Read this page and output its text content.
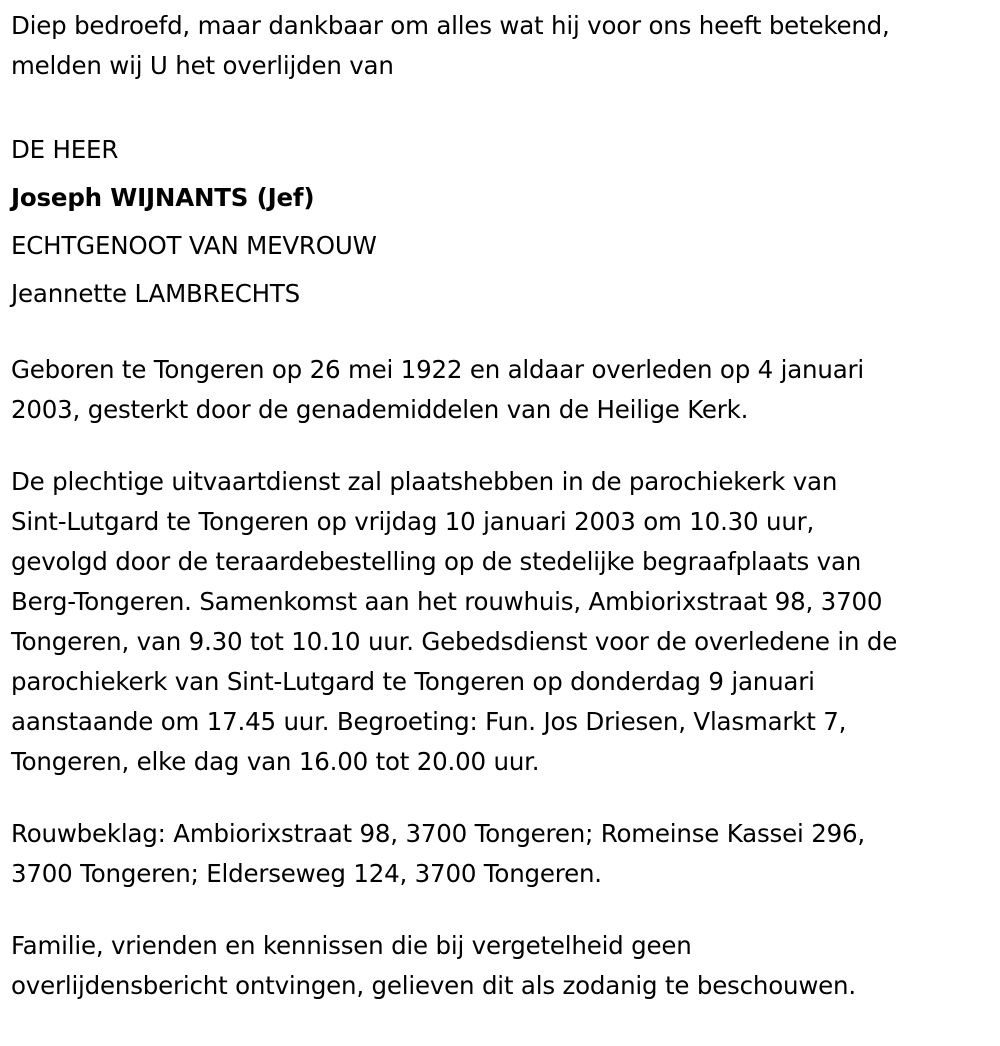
Diep bedroefd, maar dankbaar om alles wat hij voor ons heeft betekend,
melden wij U het overlijden van

DE HEER

Joseph WIJNANTS (Jef)

ECHTGENOOT VAN MEVROUW

Jeannette LAMBRECHTS

Geboren te Tongeren op 26 mei 1922 en aldaar overleden op 4 januari
2003, gesterkt door de genademiddelen van de Heilige Kerk.

De plechtige uitvaartdienst zal plaatshebben in de parochiekerk van
Sint-Lutgard te Tongeren op vrijdag 10 januari 2003 om 10.30 uur,
gevolgd door de teraardebestelling op de stedelijke begraafplaats van
Berg-Tongeren. Samenkomst aan het rouwhuis, Ambiorixstraat 98, 3700
Tongeren, van 9.30 tot 10.10 uur. Gebedsdienst voor de overledene in de
parochiekerk van Sint-Lutgard te Tongeren op donderdag 9 januari
aanstaande om 17.45 uur. Begroeting: Fun. Jos Driesen, Vlasmarkt 7,
Tongeren, elke dag van 16.00 tot 20.00 uur.

Rouwbeklag: Ambiorixstraat 98, 3700 Tongeren; Romeinse Kassei 296,
3700 Tongeren; Elderseweg 124, 3700 Tongeren.

Familie, vrienden en kennissen die bij vergetelheid geen
overlijdensbericht ontvingen, gelieven dit als zodanig te beschouwen.
